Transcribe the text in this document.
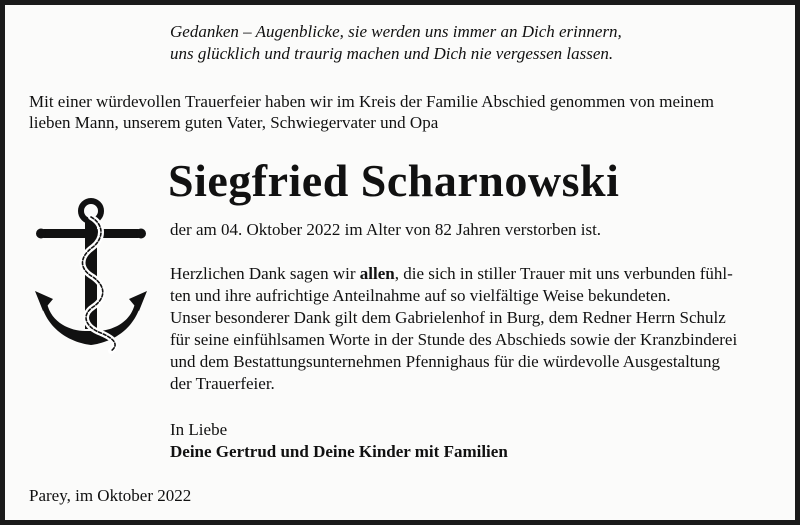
Gedanken – Augenblicke, sie werden uns immer an Dich erinnern,

uns glücklich und traurig machen und Dich nie vergessen lassen.

Mit einer würdevollen Trauerfeier haben wir im Kreis der Familie Abschied genommen von meinem

lieben Mann, unserem guten Vater, Schwiegervater und Opa

Siegfried Scharnowski
der am 04. Oktober 2022 im Alter von 82 Jahren verstorben ist.

Herzlichen Dank sagen wir allen, die sich in stiller Trauer mit uns verbunden fühl-

ten und ihre aufrichtige Anteilnahme auf so vielfältige Weise bekundeten.

Unser besonderer Dank gilt dem Gabrielenhof in Burg, dem Redner Herrn Schulz

für seine einfühlsamen Worte in der Stunde des Abschieds sowie der Kranzbinderei

und dem Bestattungsunternehmen Pfennighaus für die würdevolle Ausgestaltung

der Trauerfeier.

In Liebe

Deine Gertrud und Deine Kinder mit Familien

Parey, im Oktober 2022
